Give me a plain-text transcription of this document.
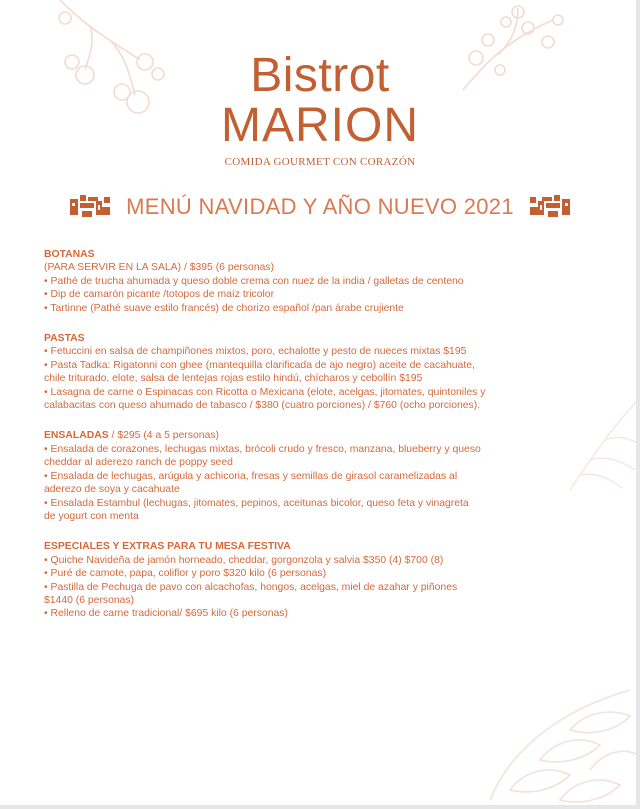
Bistrot
MARION
COMIDA GOURMET CON CORAZÓN
MENÚ NAVIDAD Y AÑO NUEVO 2021
BOTANAS
(PARA SERVIR EN LA SALA) / $395 (6 personas)
• Pathé de trucha ahumada y queso doble crema con nuez de la india / galletas de centeno
• Dip de camarón picante /totopos de maíz tricolor
• Tartinne (Pathé suave estilo francés) de chorizo español /pan árabe crujiente
PASTAS
• Fetuccini en salsa de champiñones mixtos, poro, echalotte y pesto de nueces mixtas $195
• Pasta Tadka: Rigatonni con ghee (mantequilla clarificada de ajo negro) aceite de cacahuate,
chile triturado, elote, salsa de lentejas rojas estilo hindú, chícharos y cebollín $195
• Lasagna de carne o Espinacas con Ricotta o Mexicana (elote, acelgas, jitomates, quintoniles y
calabacitas con queso ahumado de tabasco / $380 (cuatro porciones) / $760 (ocho porciones).
ENSALADAS / $295 (4 a 5 personas)
• Ensalada de corazones, lechugas mixtas, brócoli crudo y fresco, manzana, blueberry y queso
cheddar al aderezo ranch de poppy seed
• Ensalada de lechugas, arúgula y achicoria, fresas y semillas de girasol caramelizadas al
aderezo de soya y cacahuate
• Ensalada Estambul (lechugas, jitomates, pepinos, aceitunas bicolor, queso feta y vinagreta
de yogurt con menta
ESPECIALES Y EXTRAS PARA TU MESA FESTIVA
• Quiche Navideña de jamón horneado, cheddar, gorgonzola y salvia $350 (4) $700 (8)
• Puré de camote, papa, coliflor y poro $320 kilo (6 personas)
• Pastilla de Pechuga de pavo con alcachofas, hongos, acelgas, miel de azahar y piñones
$1440 (6 personas)
• Relleno de carne tradicional/ $695 kilo (6 personas)
